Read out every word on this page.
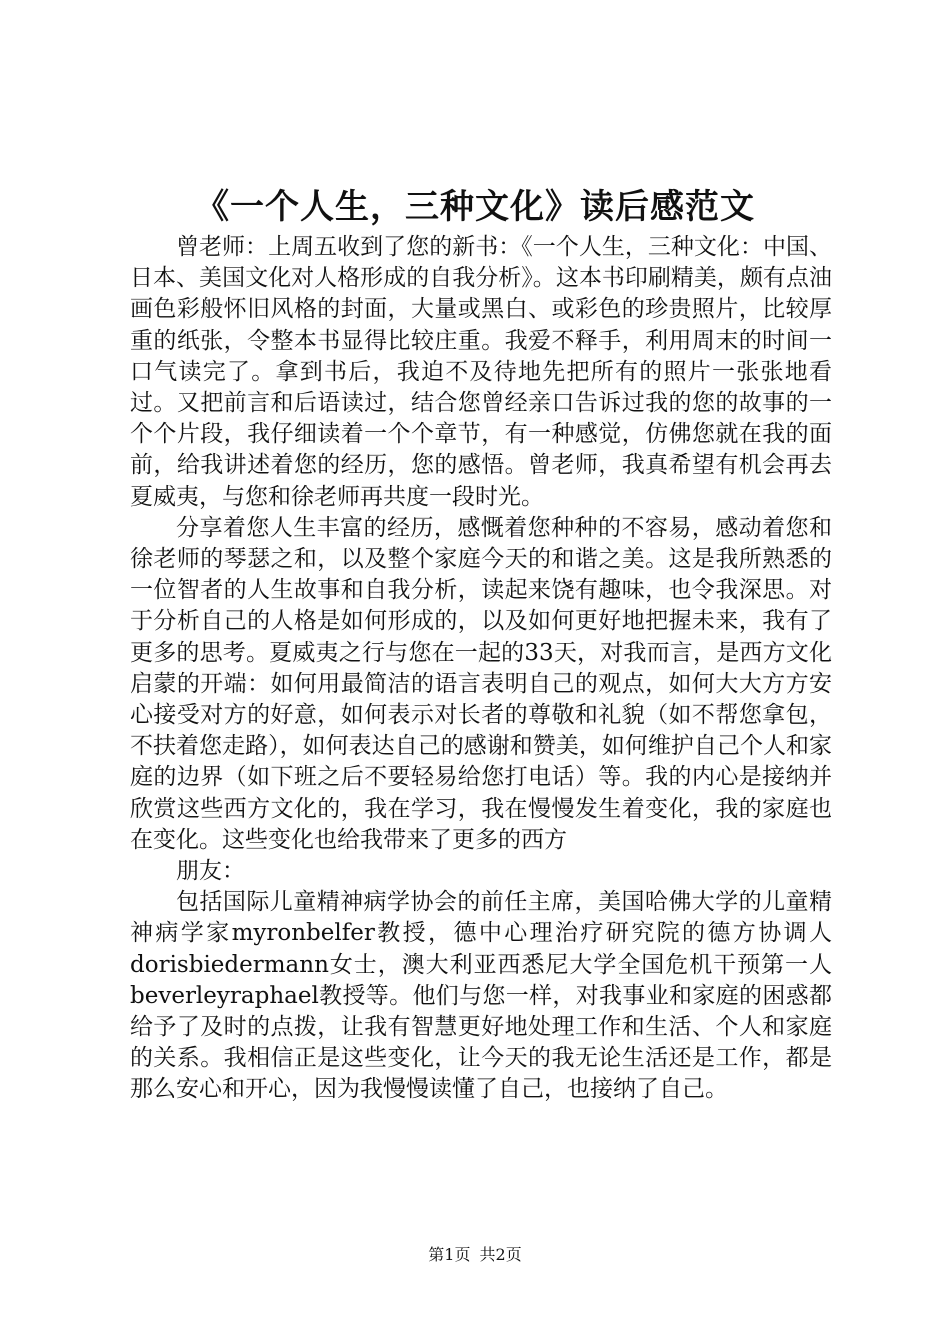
《一个人生，三种文化》读后感范文

曾老师：上周五收到了您的新书：《一个人生，三种文化：中国、日本、美国文化对人格形成的自我分析》。这本书印刷精美，颇有点油画色彩般怀旧风格的封面，大量或黑白、或彩色的珍贵照片，比较厚重的纸张，令整本书显得比较庄重。我爱不释手，利用周末的时间一口气读完了。拿到书后，我迫不及待地先把所有的照片一张张地看过。又把前言和后语读过，结合您曾经亲口告诉过我的您的故事的一个个片段，我仔细读着一个个章节，有一种感觉，仿佛您就在我的面前，给我讲述着您的经历，您的感悟。曾老师，我真希望有机会再去夏威夷，与您和徐老师再共度一段时光。

分享着您人生丰富的经历，感慨着您种种的不容易，感动着您和徐老师的琴瑟之和，以及整个家庭今天的和谐之美。这是我所熟悉的一位智者的人生故事和自我分析，读起来饶有趣味，也令我深思。对于分析自己的人格是如何形成的，以及如何更好地把握未来，我有了更多的思考。夏威夷之行与您在一起的33天，对我而言，是西方文化启蒙的开端：如何用最简洁的语言表明自己的观点，如何大大方方安心接受对方的好意，如何表示对长者的尊敬和礼貌（如不帮您拿包，不扶着您走路），如何表达自己的感谢和赞美，如何维护自己个人和家庭的边界（如下班之后不要轻易给您打电话）等。我的内心是接纳并欣赏这些西方文化的，我在学习，我在慢慢发生着变化，我的家庭也在变化。这些变化也给我带来了更多的西方

朋友：

包括国际儿童精神病学协会的前任主席，美国哈佛大学的儿童精神病学家myronbelfer教授，德中心理治疗研究院的德方协调人dorisbiedermann女士，澳大利亚西悉尼大学全国危机干预第一人beverleyraphael教授等。他们与您一样，对我事业和家庭的困惑都给予了及时的点拨，让我有智慧更好地处理工作和生活、个人和家庭的关系。我相信正是这些变化，让今天的我无论生活还是工作，都是那么安心和开心，因为我慢慢读懂了自己，也接纳了自己。

第1页 共2页
